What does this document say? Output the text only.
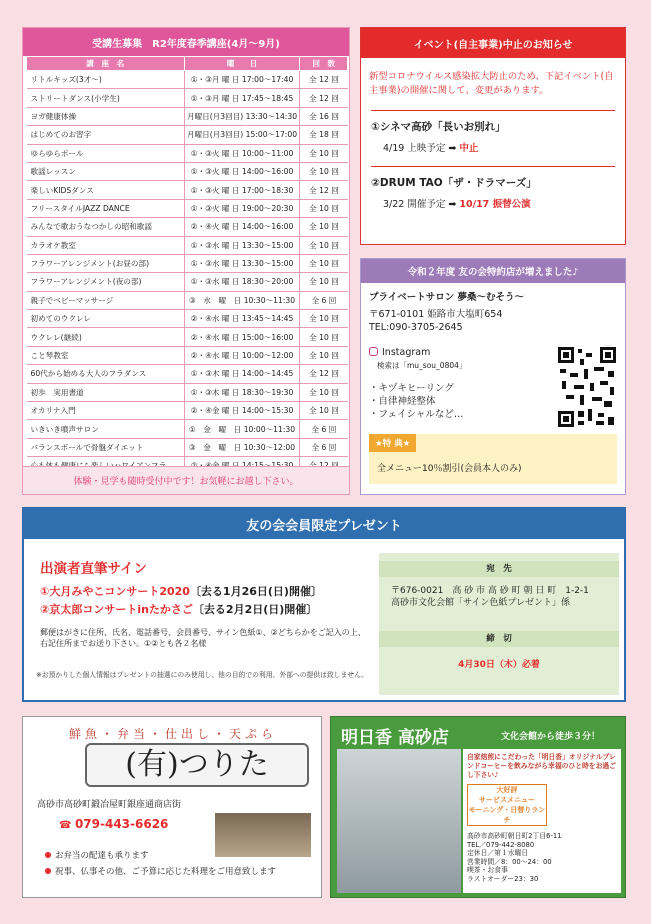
受講生募集　R2年度春季講座(4月～9月)
講　座　名	曜　　日	回　数
リトルキッズ(3才～)	①・③月 曜 日 17:00～17:40	全 12 回
ストリートダンス(小学生)	①・③月 曜 日 17:45～18:45	全 12 回
ヨガ健康体操	月曜日(月3回目) 13:30～14:30	全 16 回
はじめてのお習字	月曜日(月3回目) 15:00～17:00	全 18 回
ゆらゆらボール	①・③火 曜 日 10:00～11:00	全 10 回
歌謡レッスン	①・③火 曜 日 14:00～16:00	全 10 回
楽しいKIDSダンス	①・③火 曜 日 17:00～18:30	全 12 回
フリースタイルJAZZ DANCE	①・③火 曜 日 19:00～20:30	全 10 回
みんなで歌おうなつかしの昭和歌謡	②・④火 曜 日 14:00～16:00	全 10 回
カラオケ教室	①・③水 曜 日 13:30～15:00	全 10 回
フラワーアレンジメント(お昼の部)	①・③水 曜 日 13:30～15:00	全 10 回
フラワーアレンジメント(夜の部)	①・③水 曜 日 18:30～20:00	全 10 回
親子でベビーマッサージ	③　水　曜　日 10:30～11:30	全 6 回
初めてのウクレレ	②・④水 曜 日 13:45～14:45	全 10 回
ウクレレ(継続)	②・④水 曜 日 15:00～16:00	全 10 回
こと琴教室	②・④水 曜 日 10:00～12:00	全 10 回
60代から始める大人のフラダンス	①・③木 曜 日 14:00～14:45	全 12 回
初歩　実用書道	①・③木 曜 日 18:30～19:30	全 10 回
オカリナ入門	②・④金 曜 日 14:00～15:30	全 10 回
いきいき噴声サロン	①　金　曜　日 10:00～11:30	全 6 回
バランスボールで骨盤ダイエット	③　金　曜　日 10:30～12:00	全 6 回

体験・見学も随時受付中です！お気軽にお越し下さい。
イベント(自主事業)中止のお知らせ
新型コロナウイルス感染拡大防止のため、下記イベント(自主事業)の開催に関して、変更があります。
①シネマ高砂「長いお別れ」
4/19 上映予定 ➡ 中止
②DRUM TAO「ザ・ドラマーズ」
3/22 開催予定 ➡ 10/17 振替公演
令和２年度 友の会特約店が増えました♪
プライベートサロン 夢桑～むそう～
〒671-0101 姫路市大塩町654
TEL:090-3705-2645
Instagram
検索は「mu_sou_0804」
・キヅキヒーリング
・自律神経整体
・フェイシャルなど…
★特 典★
全メニュー10％割引(会員本人のみ)
友の会会員限定プレゼント
出演者直筆サイン
①大月みやこコンサート2020〔去る1月26日(日)開催〕
②京太郎コンサートinたかさご〔去る2月2日(日)開催〕
郵便はがきに住所、氏名、電話番号、会員番号、サイン色紙①、②どちらかをご記入の上、右記住所までお送り下さい。①②とも各２名様
※お預かりした個人情報はプレゼントの抽選にのみ使用し、他の目的での利用、外部への提供は致しません。
宛　先
〒676-0021　高 砂 市 高 砂 町 朝 日 町　1-2-1
高砂市文化会館「サイン色紙プレゼント」係
締　切
4月30日（木）必着
鮮魚・弁当・仕出し・天ぷら
(有)つりた
高砂市高砂町鍛冶屋町銀座通商店街
☎ 079-443-6626
お弁当の配達も承ります
祝事、仏事その他、ご予算に応じた料理をご用意致します
明日香 高砂店	文化会館から徒歩３分！
自家焙煎にこだわった「明日香」オリジナルブレンドコーヒーを飲みながら幸福のひと時をお過ごし下さい♪
大好評
サービスメニュー
モーニング・日替りランチ
高砂市高砂町朝日町2丁目6-11
TEL／079-442-8080
定休日／第１水曜日
営業時間／8：00～24：00
喫茶・お食事
ラストオーダー23：30
